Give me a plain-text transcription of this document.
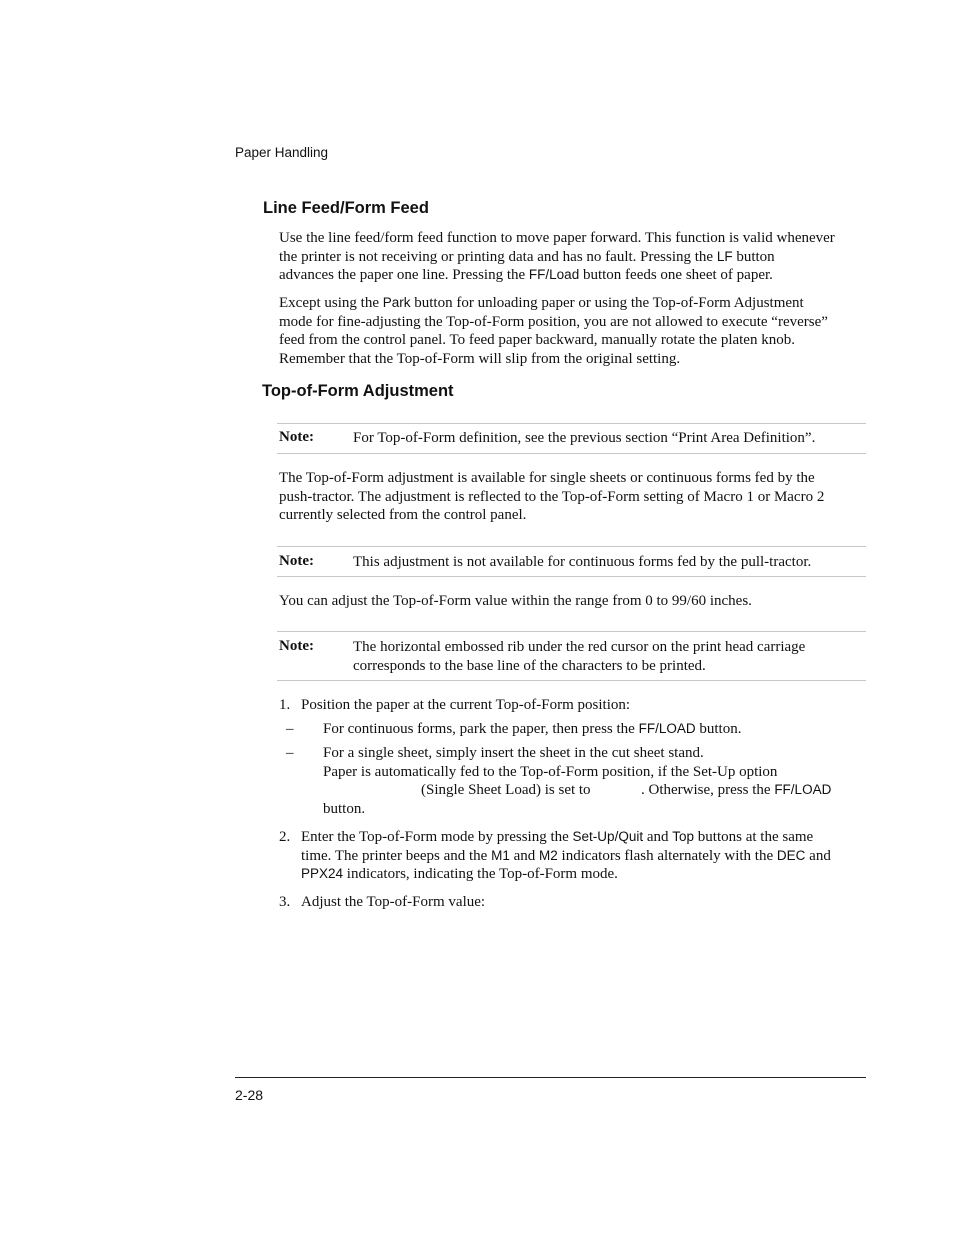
Paper Handling
Line Feed/Form Feed
Use the line feed/form feed function to move paper forward. This function is valid whenever
the printer is not receiving or printing data and has no fault. Pressing the LF button
advances the paper one line. Pressing the FF/Load button feeds one sheet of paper.
Except using the Park button for unloading paper or using the Top-of-Form Adjustment
mode for fine-adjusting the Top-of-Form position, you are not allowed to execute “reverse”
feed from the control panel. To feed paper backward, manually rotate the platen knob.
Remember that the Top-of-Form will slip from the original setting.
Top-of-Form Adjustment
Note:	For Top-of-Form definition, see the previous section “Print Area Definition”.
The Top-of-Form adjustment is available for single sheets or continuous forms fed by the
push-tractor. The adjustment is reflected to the Top-of-Form setting of Macro 1 or Macro 2
currently selected from the control panel.
Note:	This adjustment is not available for continuous forms fed by the pull-tractor.
You can adjust the Top-of-Form value within the range from 0 to 99/60 inches.
Note:	The horizontal embossed rib under the red cursor on the print head carriage
corresponds to the base line of the characters to be printed.
1. Position the paper at the current Top-of-Form position:
– For continuous forms, park the paper, then press the FF/LOAD button.
– For a single sheet, simply insert the sheet in the cut sheet stand.
Paper is automatically fed to the Top-of-Form position, if the Set-Up option
(Single Sheet Load) is set to	. Otherwise, press the FF/LOAD
button.
2. Enter the Top-of-Form mode by pressing the Set-Up/Quit and Top buttons at the same
time. The printer beeps and the M1 and M2 indicators flash alternately with the DEC and
PPX24 indicators, indicating the Top-of-Form mode.
3. Adjust the Top-of-Form value:
2-28
